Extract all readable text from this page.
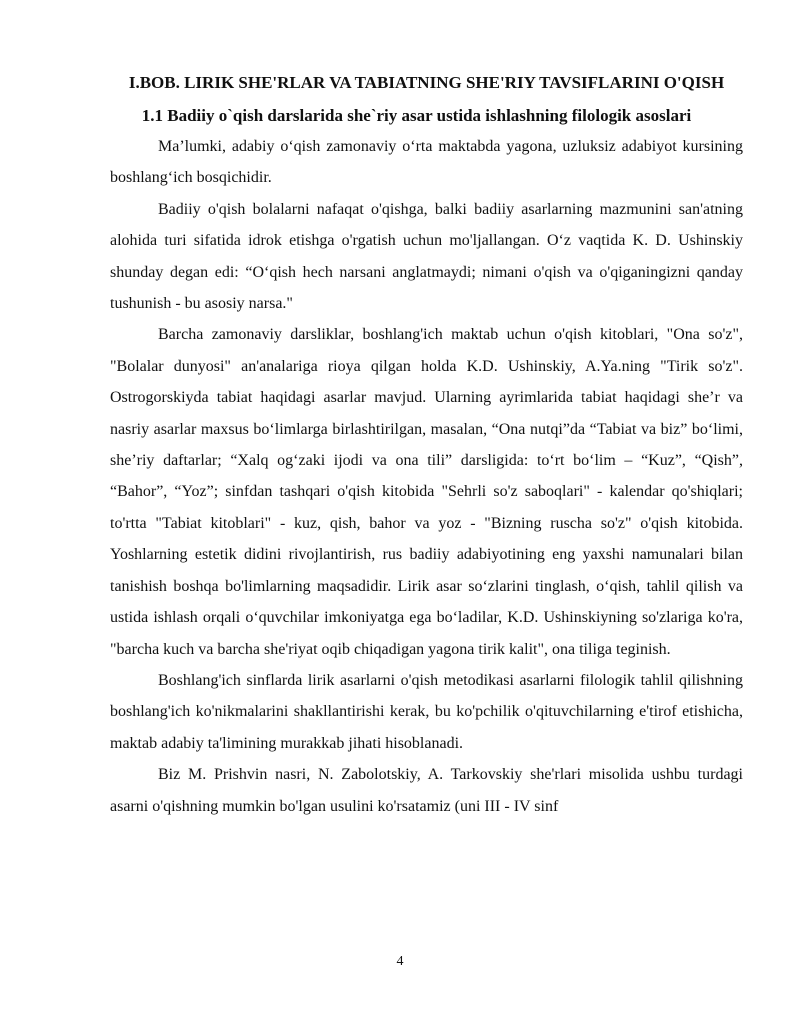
I.BOB. LIRIK SHE'RLAR VA TABIATNING SHE'RIY TAVSIFLARINI O'QISH
1.1 Badiiy o`qish darslarida she`riy asar ustida ishlashning filologik asoslari

Ma’lumki, adabiy o‘qish zamonaviy o‘rta maktabda yagona, uzluksiz adabiyot kursining boshlang‘ich bosqichidir.

Badiiy o'qish bolalarni nafaqat o'qishga, balki badiiy asarlarning mazmunini san'atning alohida turi sifatida idrok etishga o'rgatish uchun mo'ljallangan. O‘z vaqtida K. D. Ushinskiy shunday degan edi: “O‘qish hech narsani anglatmaydi; nimani o'qish va o'qiganingizni qanday tushunish - bu asosiy narsa."

Barcha zamonaviy darsliklar, boshlang'ich maktab uchun o'qish kitoblari, "Ona so'z", "Bolalar dunyosi" an'analariga rioya qilgan holda K.D. Ushinskiy, A.Ya.ning "Tirik so'z". Ostrogorskiyda tabiat haqidagi asarlar mavjud. Ularning ayrimlarida tabiat haqidagi she’r va nasriy asarlar maxsus bo‘limlarga birlashtirilgan, masalan, “Ona nutqi”da “Tabiat va biz” bo‘limi, she’riy daftarlar; “Xalq og‘zaki ijodi va ona tili” darsligida: to‘rt bo‘lim – “Kuz”, “Qish”, “Bahor”, “Yoz”; sinfdan tashqari o'qish kitobida "Sehrli so'z saboqlari" - kalendar qo'shiqlari; to'rtta "Tabiat kitoblari" - kuz, qish, bahor va yoz - "Bizning ruscha so'z" o'qish kitobida. Yoshlarning estetik didini rivojlantirish, rus badiiy adabiyotining eng yaxshi namunalari bilan tanishish boshqa bo'limlarning maqsadidir. Lirik asar so‘zlarini tinglash, o‘qish, tahlil qilish va ustida ishlash orqali o‘quvchilar imkoniyatga ega bo‘ladilar, K.D. Ushinskiyning so'zlariga ko'ra, "barcha kuch va barcha she'riyat oqib chiqadigan yagona tirik kalit", ona tiliga teginish.

Boshlang'ich sinflarda lirik asarlarni o'qish metodikasi asarlarni filologik tahlil qilishning boshlang'ich ko'nikmalarini shakllantirishi kerak, bu ko'pchilik o'qituvchilarning e'tirof etishicha, maktab adabiy ta'limining murakkab jihati hisoblanadi.

Biz M. Prishvin nasri, N. Zabolotskiy, A. Tarkovskiy she'rlari misolida ushbu turdagi asarni o'qishning mumkin bo'lgan usulini ko'rsatamiz (uni III - IV sinf

4
